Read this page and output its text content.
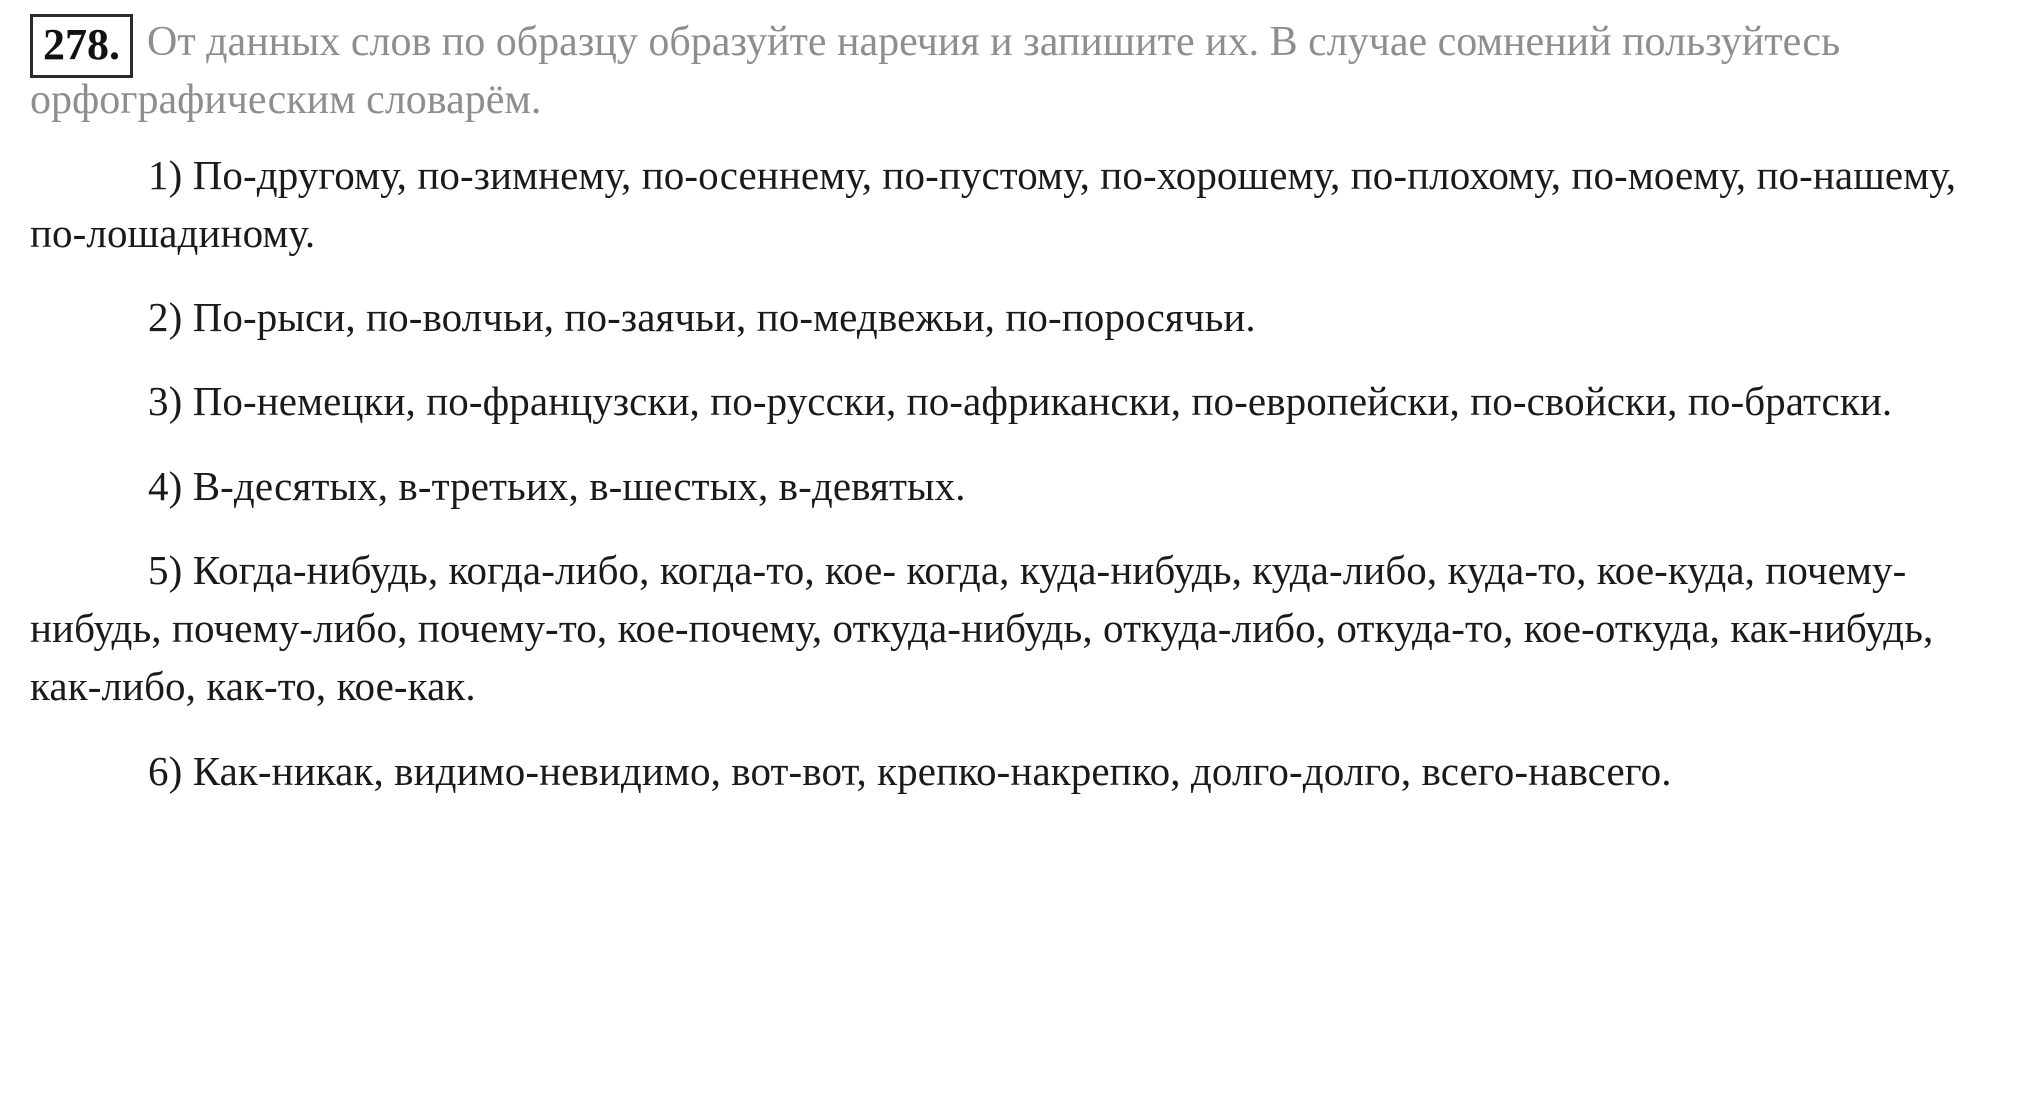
278. От данных слов по образцу образуйте наречия и запишите их. В случае сомнений пользуйтесь орфографическим словарём.

1) По-другому, по-зимнему, по-осеннему, по-пустому, по-хорошему, по-плохому, по-моему, по-нашему, по-лошадиному.

2) По-рыси, по-волчьи, по-заячьи, по-медвежьи, по-поросячьи.

3) По-немецки, по-французски, по-русски, по-африкански, по-европейски, по-свойски, по-братски.

4) В-десятых, в-третьих, в-шестых, в-девятых.

5) Когда-нибудь, когда-либо, когда-то, кое- когда, куда-нибудь, куда-либо, куда-то, кое-куда, почему-нибудь, почему-либо, почему-то, кое-почему, откуда-нибудь, откуда-либо, откуда-то, кое-откуда, как-нибудь, как-либо, как-то, кое-как.

6) Как-никак, видимо-невидимо, вот-вот, крепко-накрепко, долго-долго, всего-навсего.
